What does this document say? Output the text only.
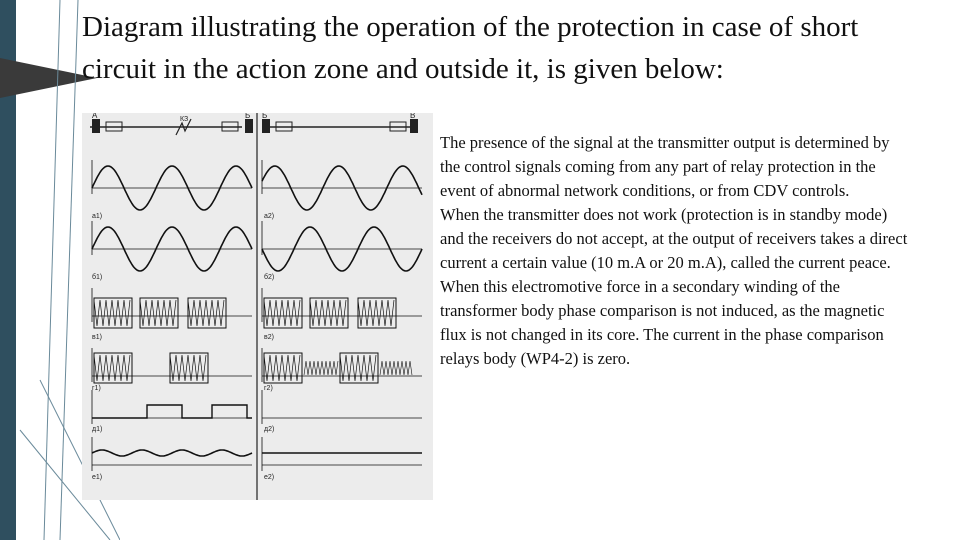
Diagram illustrating the operation of the protection in case of short circuit in the action zone and outside it, is given below:
A	Б Б	В
КЗ
a1)
б1)
в1)
г1)
д1)
е1)
a2)
б2)
в2)
г2)
д2)
е2)

The presence of the signal at the transmitter output is determined by the control signals coming from any part of relay protection in the event of abnormal network conditions, or from CDV controls.

When the transmitter does not work (protection is in standby mode) and the receivers do not accept, at the output of receivers takes a direct current a certain value (10 m.A or 20 m.A), called the current peace. When this electromotive force in a secondary winding of the transformer body phase comparison is not induced, as the magnetic flux is not changed in its core. The current in the phase comparison relays body (WP4-2) is zero.
